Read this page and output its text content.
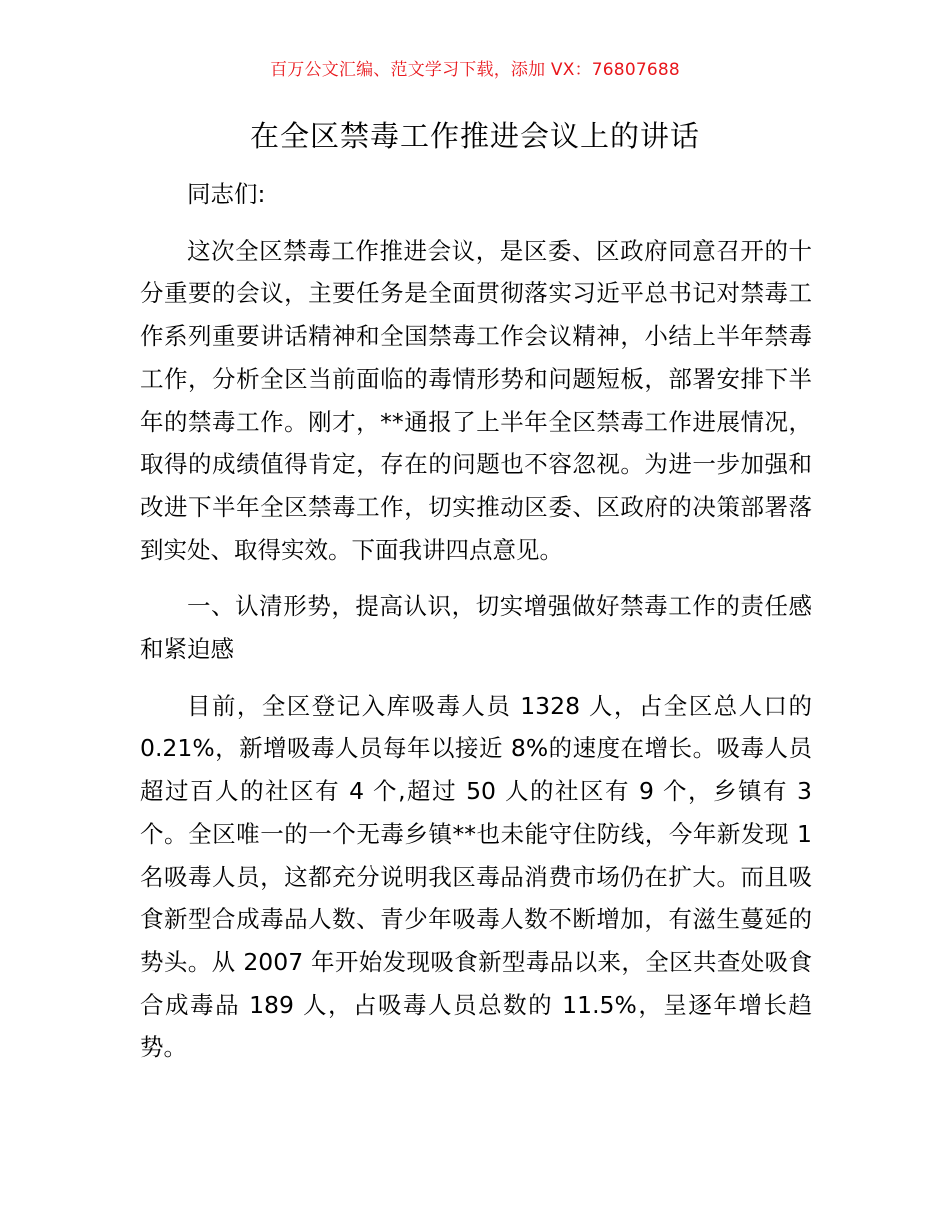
百万公文汇编、范文学习下载，添加 VX：76807688
在全区禁毒工作推进会议上的讲话

同志们:

这次全区禁毒工作推进会议，是区委、区政府同意召开的十分重要的会议，主要任务是全面贯彻落实习近平总书记对禁毒工作系列重要讲话精神和全国禁毒工作会议精神，小结上半年禁毒工作，分析全区当前面临的毒情形势和问题短板，部署安排下半年的禁毒工作。刚才，**通报了上半年全区禁毒工作进展情况，取得的成绩值得肯定，存在的问题也不容忽视。为进一步加强和改进下半年全区禁毒工作，切实推动区委、区政府的决策部署落到实处、取得实效。下面我讲四点意见。

一、认清形势，提高认识，切实增强做好禁毒工作的责任感和紧迫感

目前，全区登记入库吸毒人员 1328 人，占全区总人口的 0.21%，新增吸毒人员每年以接近 8%的速度在增长。吸毒人员超过百人的社区有 4 个,超过 50 人的社区有 9 个，乡镇有 3 个。全区唯一的一个无毒乡镇**也未能守住防线，今年新发现 1 名吸毒人员，这都充分说明我区毒品消费市场仍在扩大。而且吸食新型合成毒品人数、青少年吸毒人数不断增加，有滋生蔓延的势头。从 2007 年开始发现吸食新型毒品以来，全区共查处吸食合成毒品 189 人，占吸毒人员总数的 11.5%，呈逐年增长趋势。
